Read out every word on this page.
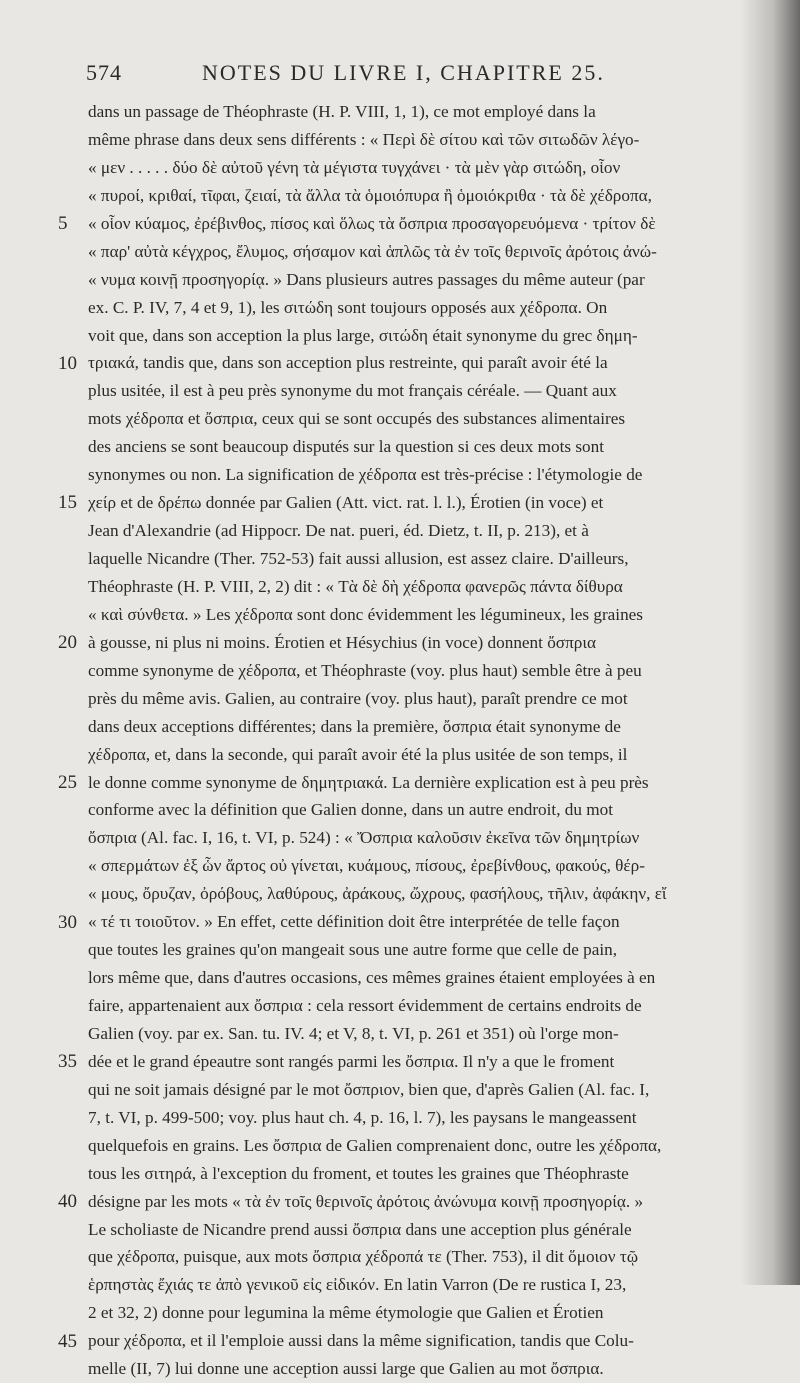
574	NOTES DU LIVRE I, CHAPITRE 25.
5
10
15
20
25
30
35
40
45
dans un passage de Théophraste (H. P. VIII, 1, 1), ce mot employé dans la
même phrase dans deux sens différents : « Περὶ δὲ σίτου καὶ τῶν σιτωδῶν λέγο-
« μεν . . . . . δύο δὲ αὐτοῦ γένη τὰ μέγιστα τυγχάνει · τὰ μὲν γὰρ σιτώδη, οἷον
« πυροί, κριθαί, τῖφαι, ζειαί, τὰ ἄλλα τὰ ὁμοιόπυρα ἢ ὁμοιόκριθα · τὰ δὲ χέδροπα,
« οἷον κύαμος, ἐρέβινθος, πίσος καὶ ὅλως τὰ ὄσπρια προσαγορευόμενα · τρίτον δὲ
« παρ' αὐτὰ κέγχρος, ἔλυμος, σήσαμον καὶ ἁπλῶς τὰ ἐν τοῖς θερινοῖς ἀρότοις ἀνώ-
« νυμα κοινῇ προσηγορίᾳ. » Dans plusieurs autres passages du même auteur (par
ex. C. P. IV, 7, 4 et 9, 1), les σιτώδη sont toujours opposés aux χέδροπα. On
voit que, dans son acception la plus large, σιτώδη était synonyme du grec δημη-
τριακά, tandis que, dans son acception plus restreinte, qui paraît avoir été la
plus usitée, il est à peu près synonyme du mot français céréale. — Quant aux
mots χέδροπα et ὄσπρια, ceux qui se sont occupés des substances alimentaires
des anciens se sont beaucoup disputés sur la question si ces deux mots sont
synonymes ou non. La signification de χέδροπα est très-précise : l'étymologie de
χείρ et de δρέπω donnée par Galien (Att. vict. rat. l. l.), Érotien (in voce) et
Jean d'Alexandrie (ad Hippocr. De nat. pueri, éd. Dietz, t. II, p. 213), et à
laquelle Nicandre (Ther. 752-53) fait aussi allusion, est assez claire. D'ailleurs,
Théophraste (H. P. VIII, 2, 2) dit : « Τὰ δὲ δὴ χέδροπα φανερῶς πάντα δίθυρα
« καὶ σύνθετα. » Les χέδροπα sont donc évidemment les légumineux, les graines
à gousse, ni plus ni moins. Érotien et Hésychius (in voce) donnent ὄσπρια
comme synonyme de χέδροπα, et Théophraste (voy. plus haut) semble être à peu
près du même avis. Galien, au contraire (voy. plus haut), paraît prendre ce mot
dans deux acceptions différentes; dans la première, ὄσπρια était synonyme de
χέδροπα, et, dans la seconde, qui paraît avoir été la plus usitée de son temps, il
le donne comme synonyme de δημητριακά. La dernière explication est à peu près
conforme avec la définition que Galien donne, dans un autre endroit, du mot
ὄσπρια (Al. fac. I, 16, t. VI, p. 524) : « Ὄσπρια καλοῦσιν ἐκεῖνα τῶν δημητρίων
« σπερμάτων ἐξ ὧν ἄρτος οὐ γίνεται, κυάμους, πίσους, ἐρεβίνθους, φακούς, θέρ-
« μους, ὄρυζαν, ὀρόβους, λαθύρους, ἀράκους, ὤχρους, φασήλους, τῆλιν, ἀφάκην, εἴ
« τέ τι τοιοῦτον. » En effet, cette définition doit être interprétée de telle façon
que toutes les graines qu'on mangeait sous une autre forme que celle de pain,
lors même que, dans d'autres occasions, ces mêmes graines étaient employées à en
faire, appartenaient aux ὄσπρια : cela ressort évidemment de certains endroits de
Galien (voy. par ex. San. tu. IV. 4; et V, 8, t. VI, p. 261 et 351) où l'orge mon-
dée et le grand épeautre sont rangés parmi les ὄσπρια. Il n'y a que le froment
qui ne soit jamais désigné par le mot ὄσπριον, bien que, d'après Galien (Al. fac. I,
7, t. VI, p. 499-500; voy. plus haut ch. 4, p. 16, l. 7), les paysans le mangeassent
quelquefois en grains. Les ὄσπρια de Galien comprenaient donc, outre les χέδροπα,
tous les σιτηρά, à l'exception du froment, et toutes les graines que Théophraste
désigne par les mots « τὰ ἐν τοῖς θερινοῖς ἀρότοις ἀνώνυμα κοινῇ προσηγορίᾳ. »
Le scholiaste de Nicandre prend aussi ὄσπρια dans une acception plus générale
que χέδροπα, puisque, aux mots ὄσπρια χέδροπά τε (Ther. 753), il dit ὅμοιον τῷ
ἑρπηστὰς ἔχιάς τε ἀπὸ γενικοῦ εἰς εἰδικόν. En latin Varron (De re rustica I, 23,
2 et 32, 2) donne pour legumina la même étymologie que Galien et Érotien
pour χέδροπα, et il l'emploie aussi dans la même signification, tandis que Colu-
melle (II, 7) lui donne une acception aussi large que Galien au mot ὄσπρια.
